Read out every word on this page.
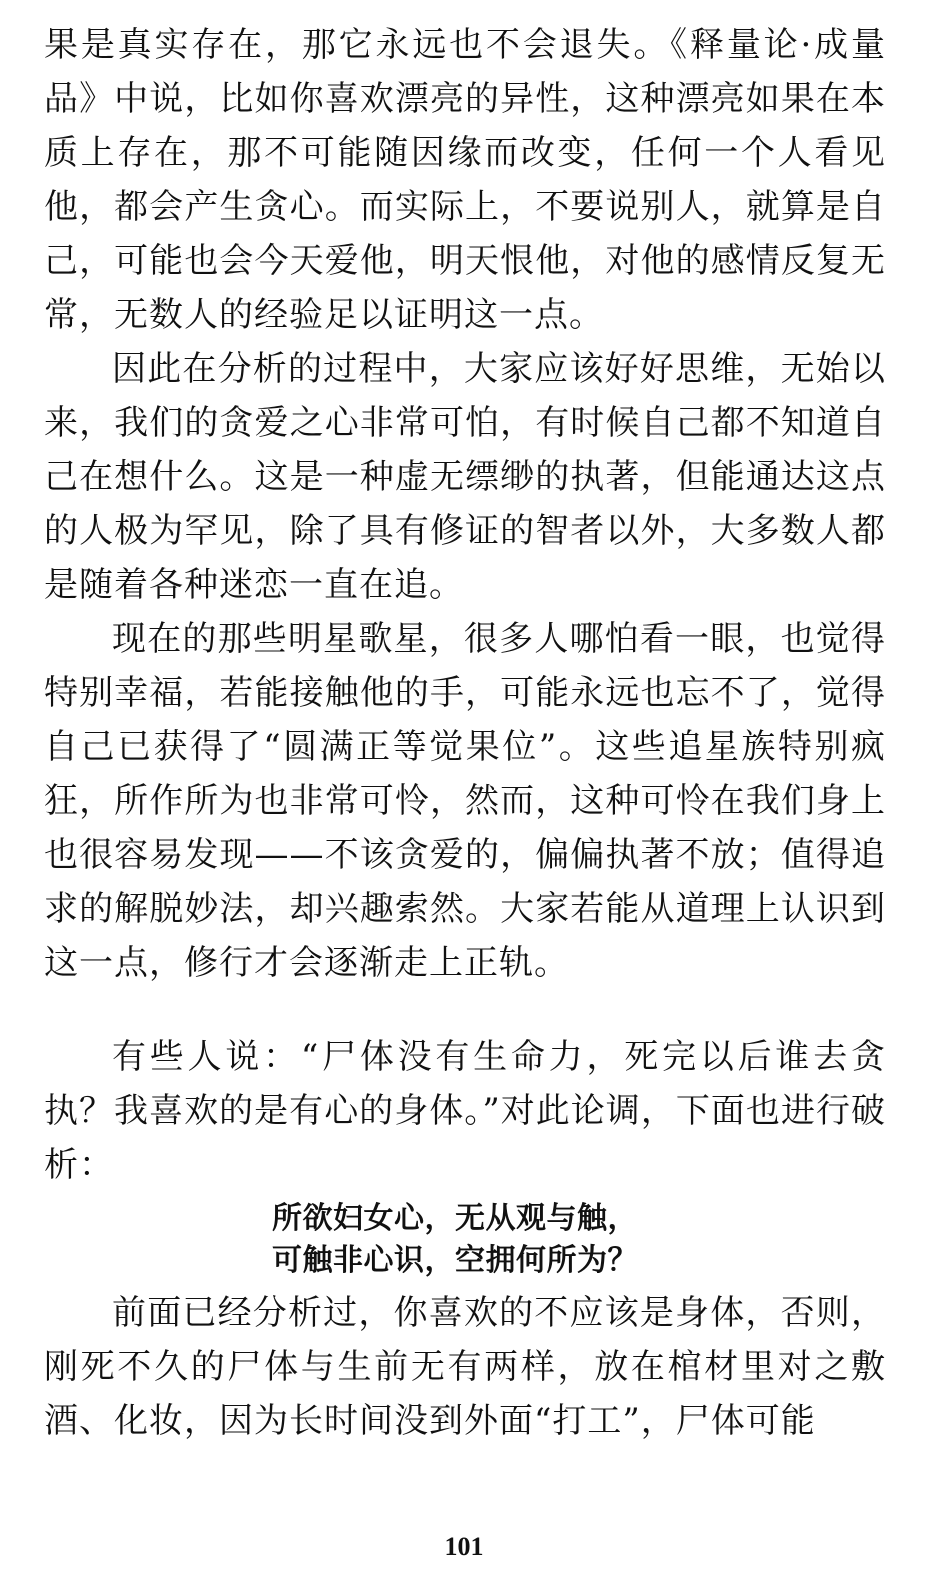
果是真实存在，那它永远也不会退失。《释量论·成量品》中说，比如你喜欢漂亮的异性，这种漂亮如果在本质上存在，那不可能随因缘而改变，任何一个人看见他，都会产生贪心。而实际上，不要说别人，就算是自己，可能也会今天爱他，明天恨他，对他的感情反复无常，无数人的经验足以证明这一点。

因此在分析的过程中，大家应该好好思维，无始以来，我们的贪爱之心非常可怕，有时候自己都不知道自己在想什么。这是一种虚无缥缈的执著，但能通达这点的人极为罕见，除了具有修证的智者以外，大多数人都是随着各种迷恋一直在追。

现在的那些明星歌星，很多人哪怕看一眼，也觉得特别幸福，若能接触他的手，可能永远也忘不了，觉得自己已获得了“圆满正等觉果位”。这些追星族特别疯狂，所作所为也非常可怜，然而，这种可怜在我们身上也很容易发现——不该贪爱的，偏偏执著不放；值得追求的解脱妙法，却兴趣索然。大家若能从道理上认识到这一点，修行才会逐渐走上正轨。

有些人说：“尸体没有生命力，死完以后谁去贪执？我喜欢的是有心的身体。”对此论调，下面也进行破析：

所欲妇女心，无从观与触，
可触非心识，空拥何所为？

前面已经分析过，你喜欢的不应该是身体，否则，刚死不久的尸体与生前无有两样，放在棺材里对之敷酒、化妆，因为长时间没到外面“打工”，尸体可能

101
